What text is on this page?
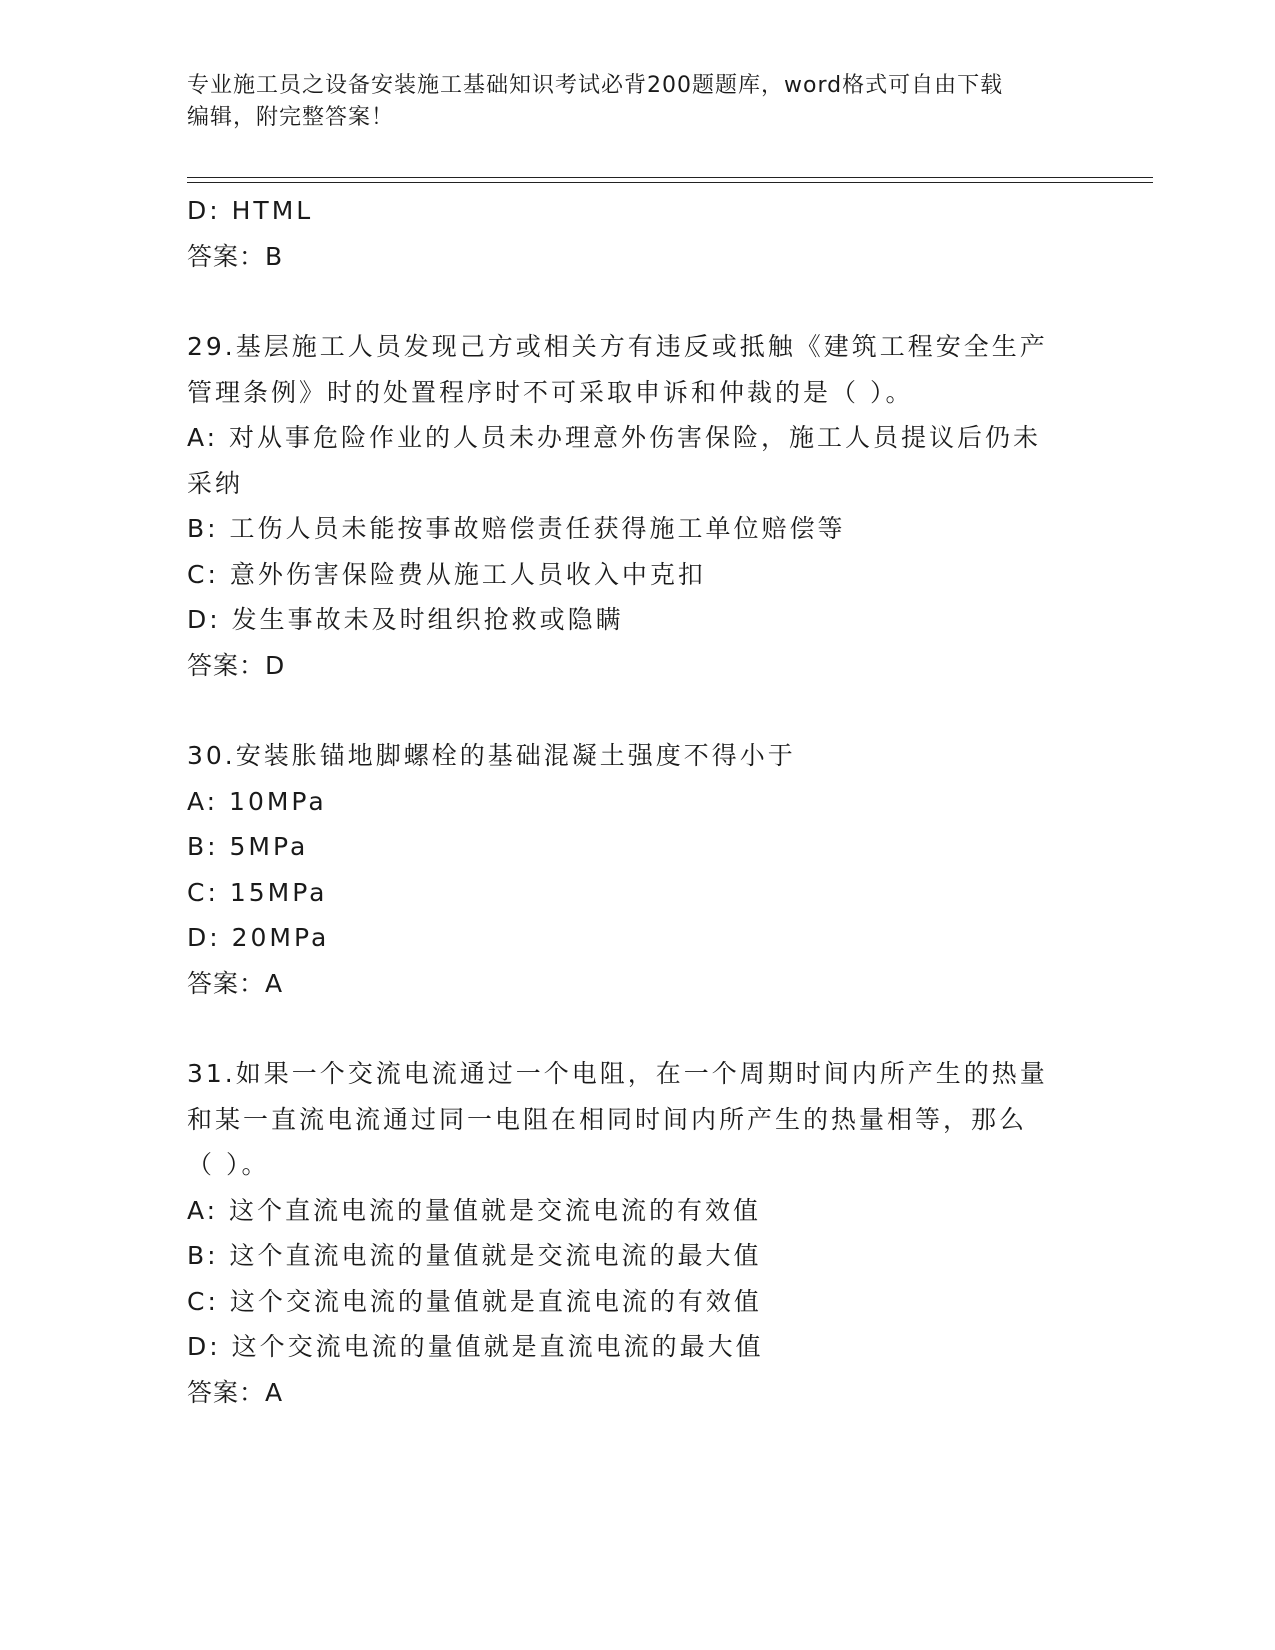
专业施工员之设备安装施工基础知识考试必背200题题库，word格式可自由下载
编辑，附完整答案！
D: HTML
答案：B
29.基层施工人员发现己方或相关方有违反或抵触《建筑工程安全生产
管理条例》时的处置程序时不可采取申诉和仲裁的是（ ）。
A: 对从事危险作业的人员未办理意外伤害保险，施工人员提议后仍未
采纳
B: 工伤人员未能按事故赔偿责任获得施工单位赔偿等
C: 意外伤害保险费从施工人员收入中克扣
D: 发生事故未及时组织抢救或隐瞒
答案：D
30.安装胀锚地脚螺栓的基础混凝土强度不得小于
A: 10MPa
B: 5MPa
C: 15MPa
D: 20MPa
答案：A
31.如果一个交流电流通过一个电阻，在一个周期时间内所产生的热量
和某一直流电流通过同一电阻在相同时间内所产生的热量相等，那么
（ ）。
A: 这个直流电流的量值就是交流电流的有效值
B: 这个直流电流的量值就是交流电流的最大值
C: 这个交流电流的量值就是直流电流的有效值
D: 这个交流电流的量值就是直流电流的最大值
答案：A
